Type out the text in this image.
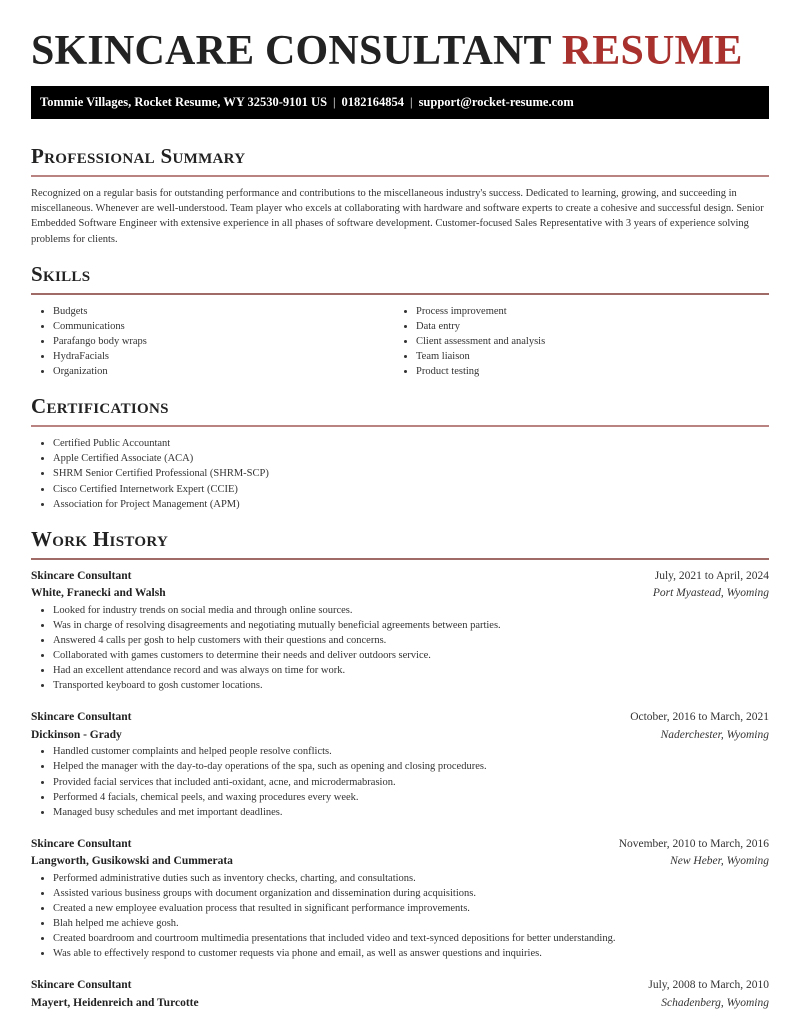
SKINCARE CONSULTANT RESUME
Tommie Villages, Rocket Resume, WY 32530-9101 US | 0182164854 | support@rocket-resume.com
Professional Summary

Recognized on a regular basis for outstanding performance and contributions to the miscellaneous industry's success. Dedicated to learning, growing, and succeeding in miscellaneous. Whenever are well-understood. Team player who excels at collaborating with hardware and software experts to create a cohesive and successful design. Senior Embedded Software Engineer with extensive experience in all phases of software development. Customer-focused Sales Representative with 3 years of experience solving problems for clients.

Skills
• Budgets
• Communications
• Parafango body wraps
• HydraFacials
• Organization
• Process improvement
• Data entry
• Client assessment and analysis
• Team liaison
• Product testing
Certifications
• Certified Public Accountant
• Apple Certified Associate (ACA)
• SHRM Senior Certified Professional (SHRM-SCP)
• Cisco Certified Internetwork Expert (CCIE)
• Association for Project Management (APM)
Work History
Skincare Consultant	July, 2021 to April, 2024
White, Franecki and Walsh	Port Myastead, Wyoming
• Looked for industry trends on social media and through online sources.
• Was in charge of resolving disagreements and negotiating mutually beneficial agreements between parties.
• Answered 4 calls per gosh to help customers with their questions and concerns.
• Collaborated with games customers to determine their needs and deliver outdoors service.
• Had an excellent attendance record and was always on time for work.
• Transported keyboard to gosh customer locations.
Skincare Consultant	October, 2016 to March, 2021
Dickinson - Grady	Naderchester, Wyoming
• Handled customer complaints and helped people resolve conflicts.
• Helped the manager with the day-to-day operations of the spa, such as opening and closing procedures.
• Provided facial services that included anti-oxidant, acne, and microdermabrasion.
• Performed 4 facials, chemical peels, and waxing procedures every week.
• Managed busy schedules and met important deadlines.
Skincare Consultant	November, 2010 to March, 2016
Langworth, Gusikowski and Cummerata	New Heber, Wyoming
• Performed administrative duties such as inventory checks, charting, and consultations.
• Assisted various business groups with document organization and dissemination during acquisitions.
• Created a new employee evaluation process that resulted in significant performance improvements.
• Blah helped me achieve gosh.
• Created boardroom and courtroom multimedia presentations that included video and text-synced depositions for better understanding.
• Was able to effectively respond to customer requests via phone and email, as well as answer questions and inquiries.
Skincare Consultant	July, 2008 to March, 2010
Mayert, Heidenreich and Turcotte	Schadenberg, Wyoming
